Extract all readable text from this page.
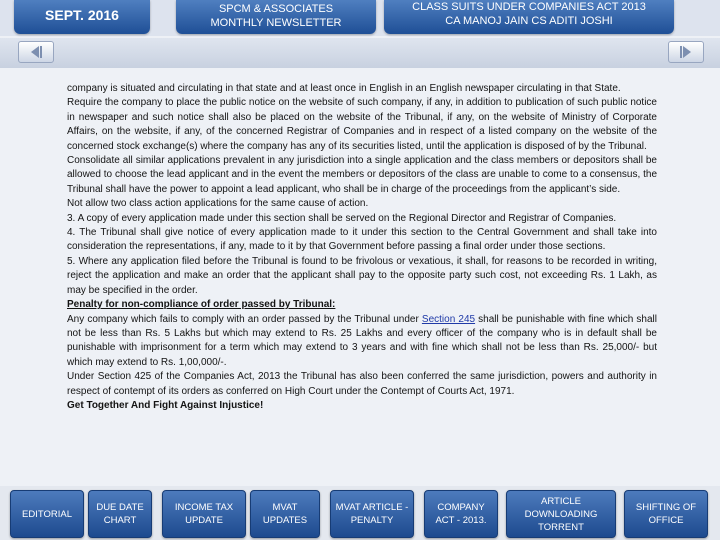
SEPT. 2016	SPCM & ASSOCIATES
MONTHLY NEWSLETTER
CLASS SUITS UNDER COMPANIES ACT 2013
CA MANOJ JAIN CS ADITI JOSHI

company is situated and circulating in that state and at least once in English in an English newspaper circulating in that State.

Require the company to place the public notice on the website of such company, if any, in addition to publication of such public notice in newspaper and such notice shall also be placed on the website of the Tribunal, if any, on the website of Ministry of Corporate Affairs, on the website, if any, of the concerned Registrar of Companies and in respect of a listed company on the website of the concerned stock exchange(s) where the company has any of its securities listed, until the application is disposed of by the Tribunal.

Consolidate all similar applications prevalent in any jurisdiction into a single application and the class members or depositors shall be allowed to choose the lead applicant and in the event the members or depositors of the class are unable to come to a consensus, the Tribunal shall have the power to appoint a lead applicant, who shall be in charge of the proceedings from the applicant’s side.

Not allow two class action applications for the same cause of action.

3. A copy of every application made under this section shall be served on the Regional Director and Registrar of Companies.

4. The Tribunal shall give notice of every application made to it under this section to the Central Government and shall take into consideration the representations, if any, made to it by that Government before passing a final order under those sections.

5. Where any application filed before the Tribunal is found to be frivolous or vexatious, it shall, for reasons to be recorded in writing, reject the application and make an order that the applicant shall pay to the opposite party such cost, not exceeding Rs. 1 Lakh, as may be specified in the order.

Penalty for non-compliance of order passed by Tribunal:

Any company which fails to comply with an order passed by the Tribunal under Section 245 shall be punishable with fine which shall not be less than Rs. 5 Lakhs but which may extend to Rs. 25 Lakhs and every officer of the company who is in default shall be punishable with imprisonment for a term which may extend to 3 years and with fine which shall not be less than Rs. 25,000/- but which may extend to Rs. 1,00,000/-.

Under Section 425 of the Companies Act, 2013 the Tribunal has also been conferred the same jurisdiction, powers and authority in respect of contempt of its orders as conferred on High Court under the Contempt of Courts Act, 1971.

Get Together And Fight Against Injustice!

EDITORIAL
DUE DATE CHART
INCOME TAX UPDATE
MVAT UPDATES
MVAT ARTICLE - PENALTY
COMPANY ACT - 2013.
ARTICLE DOWNLOADING TORRENT
SHIFTING OF OFFICE
